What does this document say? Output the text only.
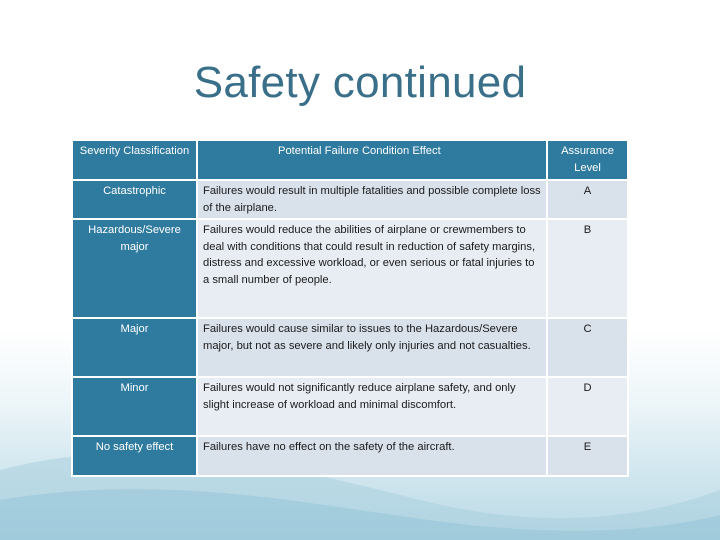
Safety continued
Severity Classification	Potential Failure Condition Effect	Assurance Level
Catastrophic	Failures would result in multiple fatalities and possible complete loss of the airplane.	A
Hazardous/Severe major	Failures would reduce the abilities of airplane or crewmembers to deal with conditions that could result in reduction of safety margins, distress and excessive workload, or even serious or fatal injuries to a small number of people.	B
Major	Failures would cause similar to issues to the Hazardous/Severe major, but not as severe and likely only injuries and not casualties.	C
Minor	Failures would not significantly reduce airplane safety, and only slight increase of workload and minimal discomfort.	D
No safety effect	Failures have no effect on the safety of the aircraft.	E
